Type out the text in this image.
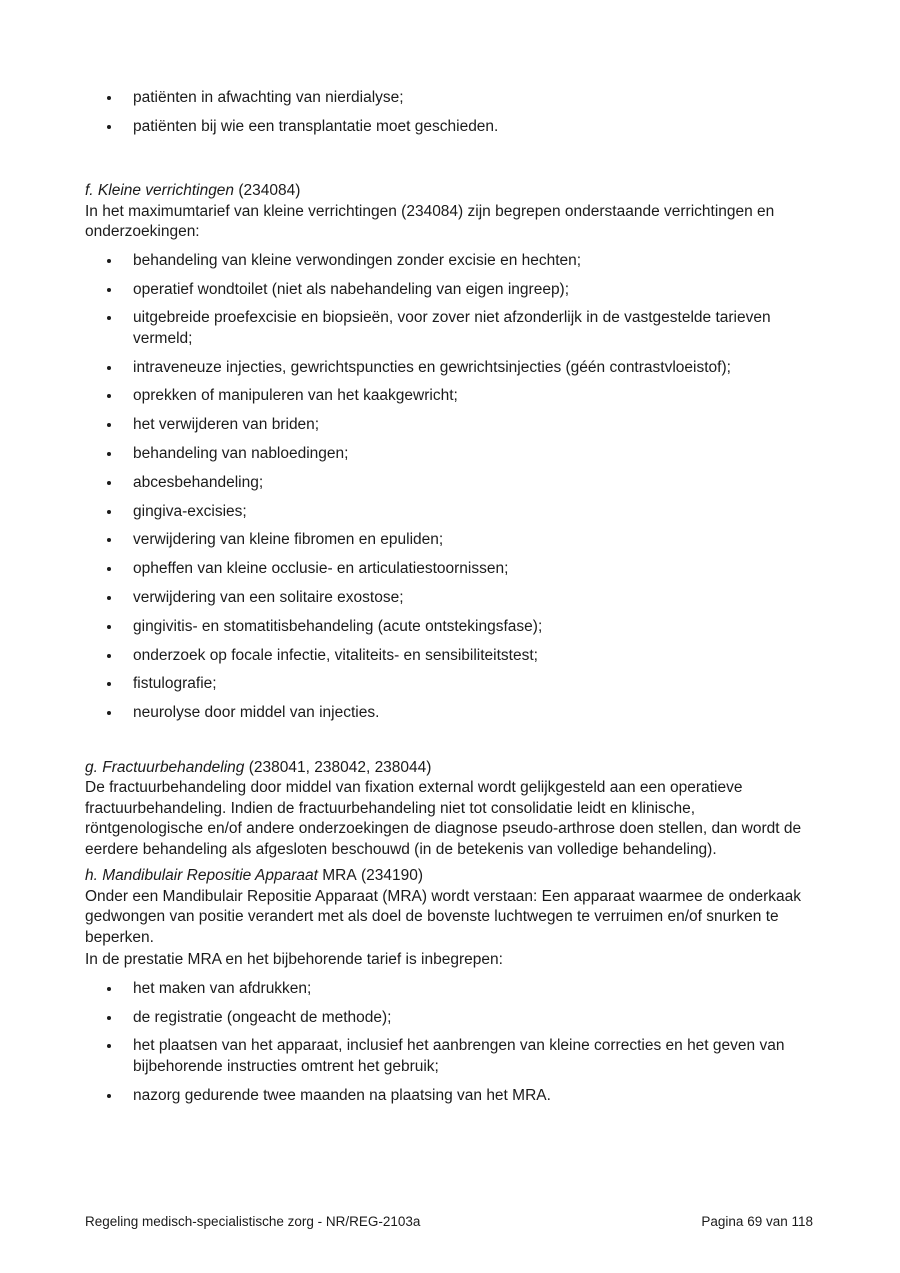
patiënten in afwachting van nierdialyse;
patiënten bij wie een transplantatie moet geschieden.

f. Kleine verrichtingen (234084)

In het maximumtarief van kleine verrichtingen (234084) zijn begrepen onderstaande verrichtingen en onderzoekingen:

behandeling van kleine verwondingen zonder excisie en hechten;
operatief wondtoilet (niet als nabehandeling van eigen ingreep);
uitgebreide proefexcisie en biopsieën, voor zover niet afzonderlijk in de vastgestelde tarieven vermeld;
intraveneuze injecties, gewrichtspuncties en gewrichtsinjecties (géén contrastvloeistof);
oprekken of manipuleren van het kaakgewricht;
het verwijderen van briden;
behandeling van nabloedingen;
abcesbehandeling;
gingiva-excisies;
verwijdering van kleine fibromen en epuliden;
opheffen van kleine occlusie- en articulatiestoornissen;
verwijdering van een solitaire exostose;
gingivitis- en stomatitisbehandeling (acute ontstekingsfase);
onderzoek op focale infectie, vitaliteits- en sensibiliteitstest;
fistulografie;
neurolyse door middel van injecties.

g. Fractuurbehandeling (238041, 238042, 238044)

De fractuurbehandeling door middel van fixation external wordt gelijkgesteld aan een operatieve fractuurbehandeling. Indien de fractuurbehandeling niet tot consolidatie leidt en klinische, röntgenologische en/of andere onderzoekingen de diagnose pseudo-arthrose doen stellen, dan wordt de eerdere behandeling als afgesloten beschouwd (in de betekenis van volledige behandeling).

h. Mandibulair Repositie Apparaat MRA (234190)

Onder een Mandibulair Repositie Apparaat (MRA) wordt verstaan: Een apparaat waarmee de onderkaak gedwongen van positie verandert met als doel de bovenste luchtwegen te verruimen en/of snurken te beperken.

In de prestatie MRA en het bijbehorende tarief is inbegrepen:

het maken van afdrukken;
de registratie (ongeacht de methode);
het plaatsen van het apparaat, inclusief het aanbrengen van kleine correcties en het geven van bijbehorende instructies omtrent het gebruik;
nazorg gedurende twee maanden na plaatsing van het MRA.
Regeling medisch-specialistische zorg - NR/REG-2103a	Pagina 69 van 118
